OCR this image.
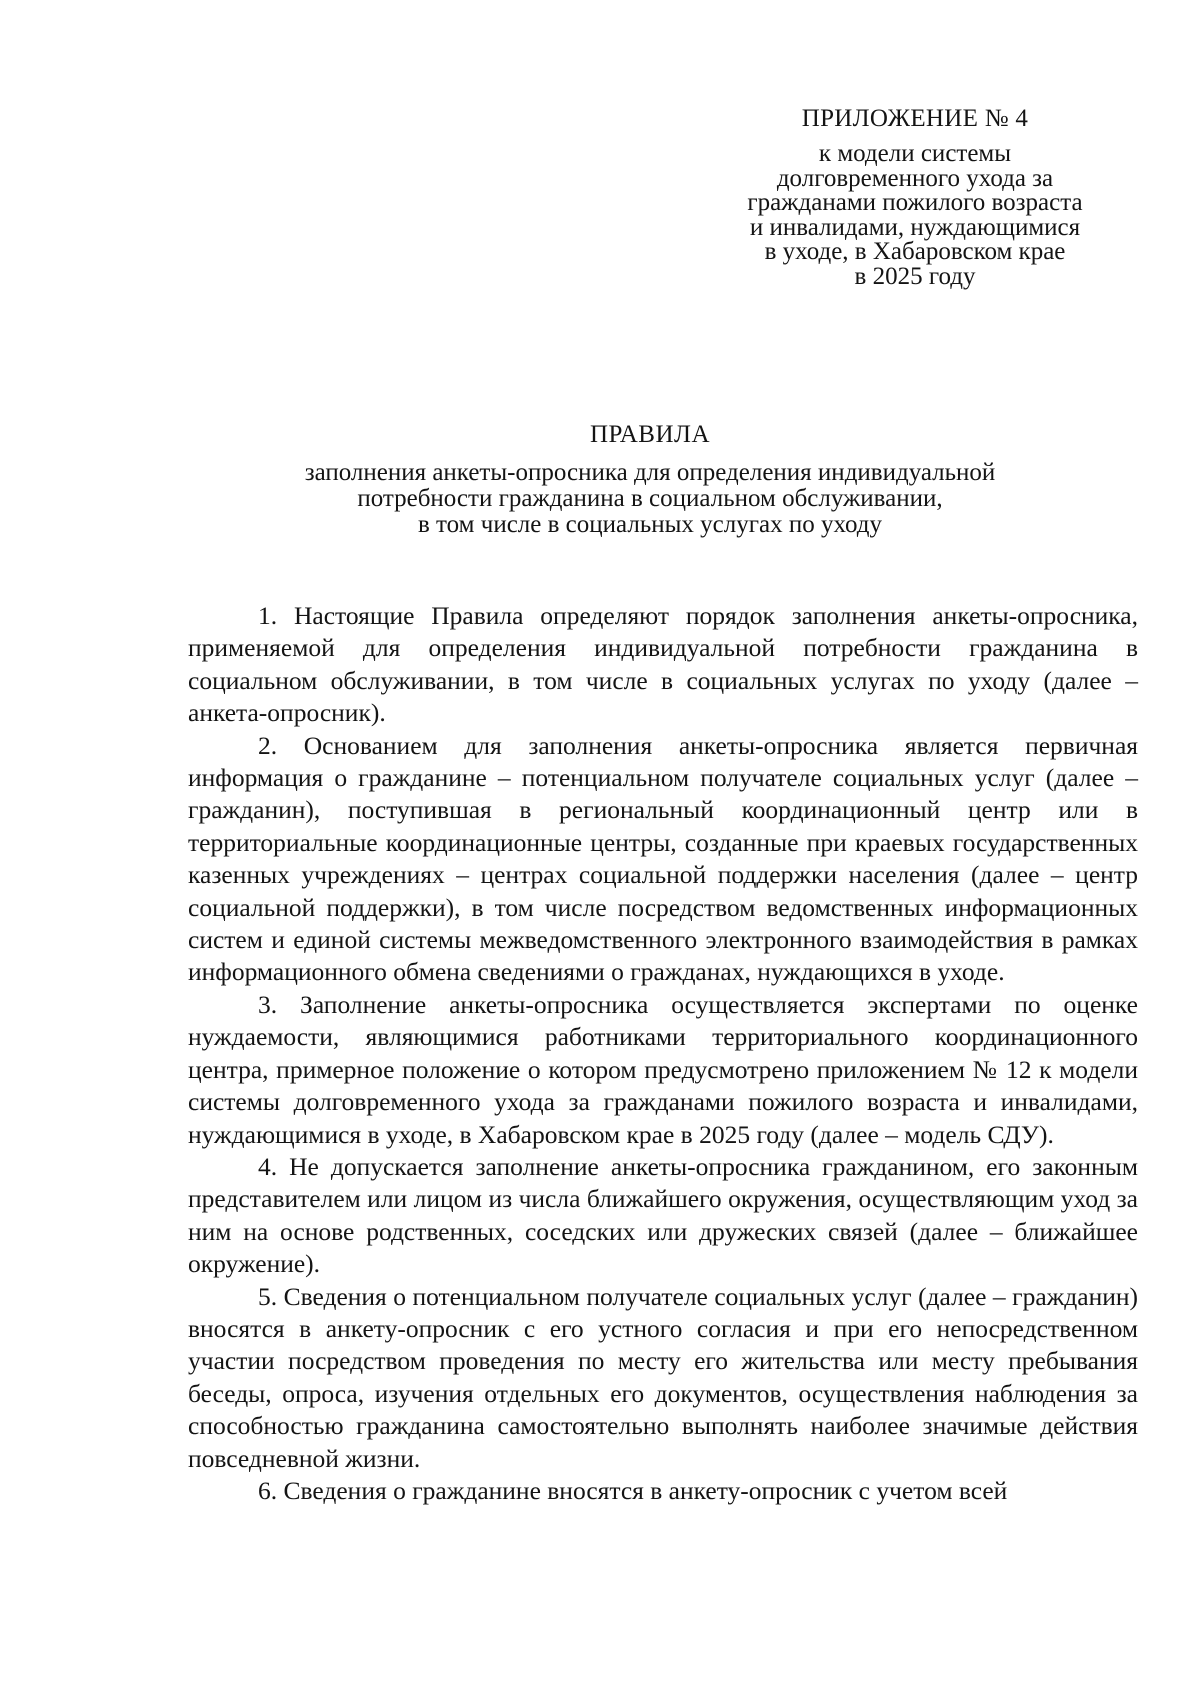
ПРИЛОЖЕНИЕ № 4
к модели системы
долговременного ухода за
гражданами пожилого возраста
и инвалидами, нуждающимися
в уходе, в Хабаровском крае
в 2025 году
ПРАВИЛА
заполнения анкеты-опросника для определения индивидуальной
потребности гражданина в социальном обслуживании,
в том числе в социальных услугах по уходу

1. Настоящие Правила определяют порядок заполнения анкеты-опросника, применяемой для определения индивидуальной потребности гражданина в социальном обслуживании, в том числе в социальных услугах по уходу (далее – анкета-опросник).

2. Основанием для заполнения анкеты-опросника является первичная информация о гражданине – потенциальном получателе социальных услуг (далее – гражданин), поступившая в региональный координационный центр или в территориальные координационные центры, созданные при краевых государственных казенных учреждениях – центрах социальной поддержки населения (далее – центр социальной поддержки), в том числе посредством ведомственных информационных систем и единой системы межведомственного электронного взаимодействия в рамках информационного обмена сведениями о гражданах, нуждающихся в уходе.

3. Заполнение анкеты-опросника осуществляется экспертами по оценке нуждаемости, являющимися работниками территориального координационного центра, примерное положение о котором предусмотрено приложением № 12 к модели системы долговременного ухода за гражданами пожилого возраста и инвалидами, нуждающимися в уходе, в Хабаровском крае в 2025 году (далее – модель СДУ).

4. Не допускается заполнение анкеты-опросника гражданином, его законным представителем или лицом из числа ближайшего окружения, осуществляющим уход за ним на основе родственных, соседских или дружеских связей (далее – ближайшее окружение).

5. Сведения о потенциальном получателе социальных услуг (далее – гражданин) вносятся в анкету-опросник с его устного согласия и при его непосредственном участии посредством проведения по месту его жительства или месту пребывания беседы, опроса, изучения отдельных его документов, осуществления наблюдения за способностью гражданина самостоятельно выполнять наиболее значимые действия повседневной жизни.

6. Сведения о гражданине вносятся в анкету-опросник с учетом всей
